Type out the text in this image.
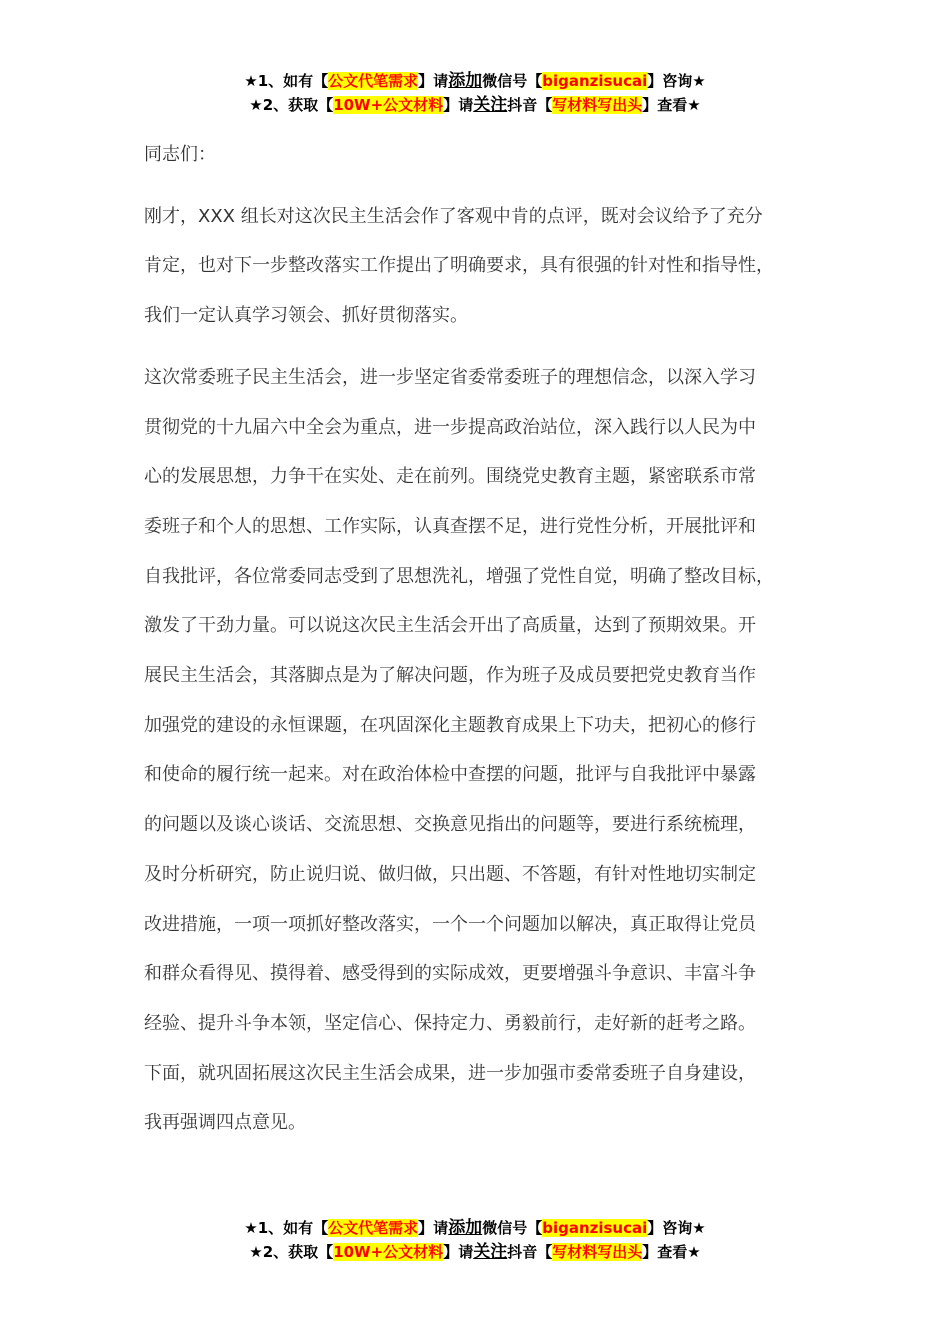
★1、如有【公文代笔需求】请添加微信号【biganzisucai】咨询★
★2、获取【10W+公文材料】请关注抖音【写材料写出头】查看★

同志们：

刚才，XXX 组长对这次民主生活会作了客观中肯的点评，既对会议给予了充分

肯定，也对下一步整改落实工作提出了明确要求，具有很强的针对性和指导性，

我们一定认真学习领会、抓好贯彻落实。

这次常委班子民主生活会，进一步坚定省委常委班子的理想信念，以深入学习

贯彻党的十九届六中全会为重点，进一步提高政治站位，深入践行以人民为中

心的发展思想，力争干在实处、走在前列。围绕党史教育主题，紧密联系市常

委班子和个人的思想、工作实际，认真查摆不足，进行党性分析，开展批评和

自我批评，各位常委同志受到了思想洗礼，增强了党性自觉，明确了整改目标，

激发了干劲力量。可以说这次民主生活会开出了高质量，达到了预期效果。开

展民主生活会，其落脚点是为了解决问题，作为班子及成员要把党史教育当作

加强党的建设的永恒课题，在巩固深化主题教育成果上下功夫，把初心的修行

和使命的履行统一起来。对在政治体检中查摆的问题，批评与自我批评中暴露

的问题以及谈心谈话、交流思想、交换意见指出的问题等，要进行系统梳理，

及时分析研究，防止说归说、做归做，只出题、不答题，有针对性地切实制定

改进措施，一项一项抓好整改落实，一个一个问题加以解决，真正取得让党员

和群众看得见、摸得着、感受得到的实际成效，更要增强斗争意识、丰富斗争

经验、提升斗争本领，坚定信心、保持定力、勇毅前行，走好新的赶考之路。

下面，就巩固拓展这次民主生活会成果，进一步加强市委常委班子自身建设，

我再强调四点意见。

★1、如有【公文代笔需求】请添加微信号【biganzisucai】咨询★
★2、获取【10W+公文材料】请关注抖音【写材料写出头】查看★
